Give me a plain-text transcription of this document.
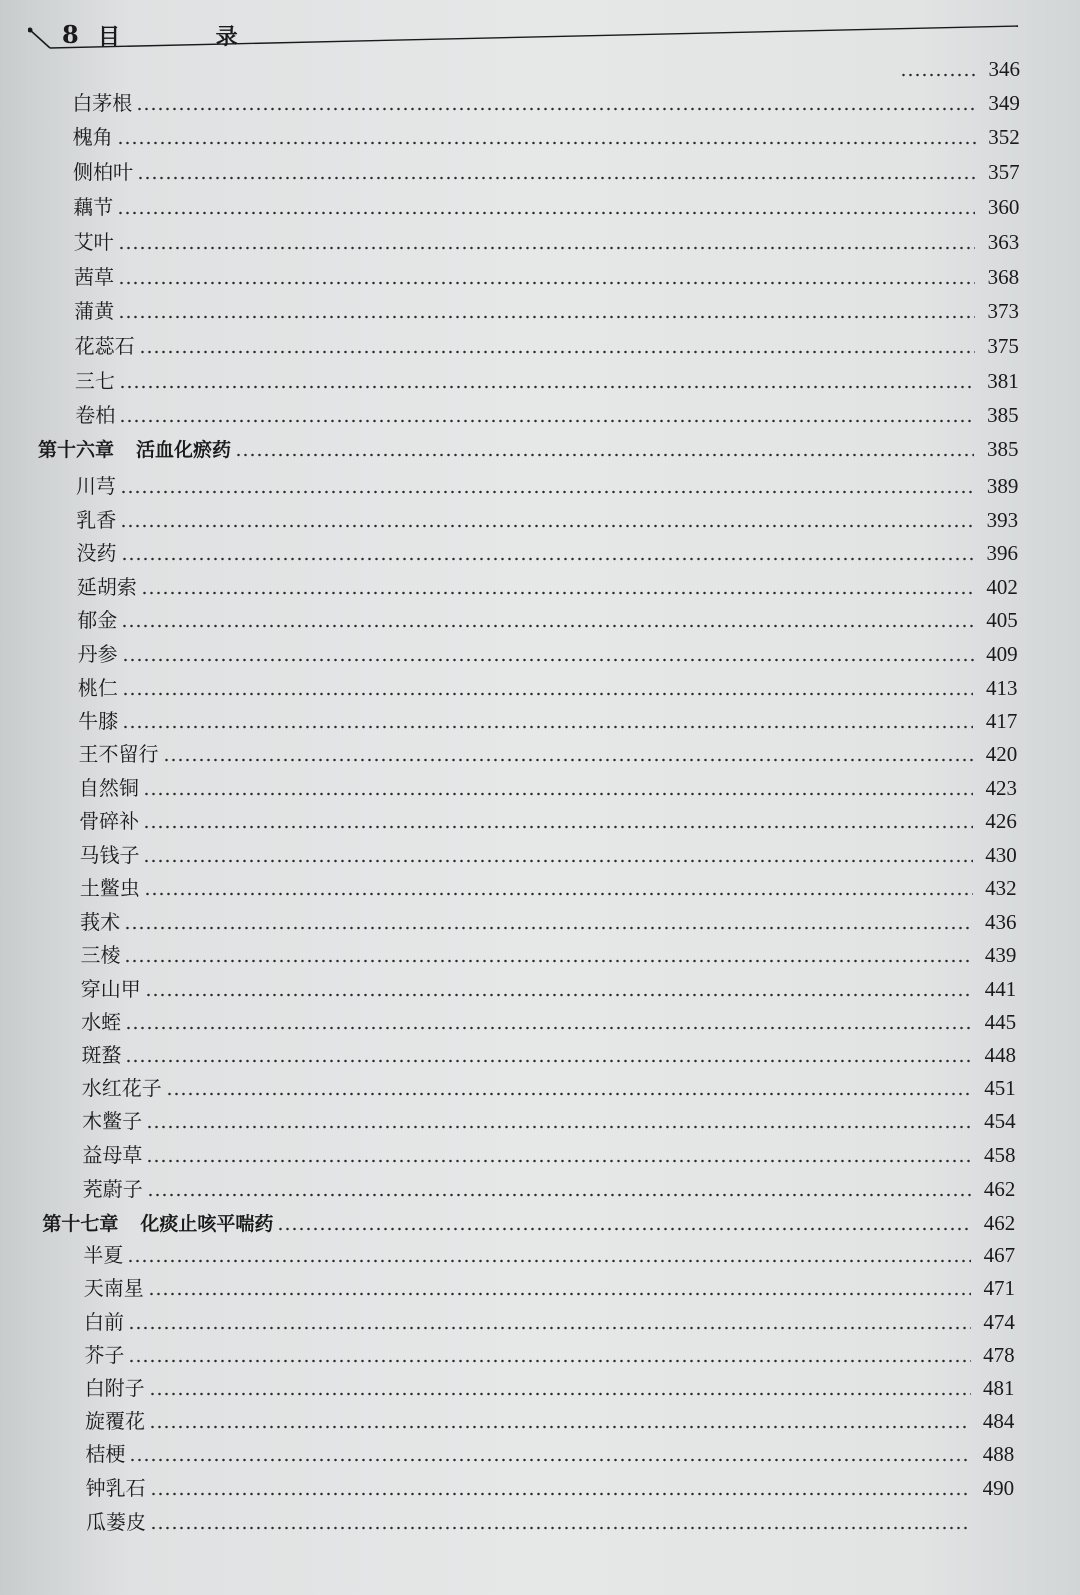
8 目 录
346
白茅根	349
槐角	352
侧柏叶	357
藕节	360
艾叶	363
茜草	368
蒲黄	373
花蕊石	375
三七	381
卷柏	385
第十六章 活血化瘀药	385
川芎	389
乳香	393
没药	396
延胡索	402
郁金	405
丹参	409
桃仁	413
牛膝	417
王不留行	420
自然铜	423
骨碎补	426
马钱子	430
土鳖虫	432
莪术	436
三棱	439
穿山甲	441
水蛭	445
斑蝥	448
水红花子	451
木鳖子	454
益母草	458
茺蔚子	462
第十七章 化痰止咳平喘药	462
半夏	467
天南星	471
白前	474
芥子	478
白附子	481
旋覆花	484
桔梗	488
钟乳石	490
瓜蒌皮
